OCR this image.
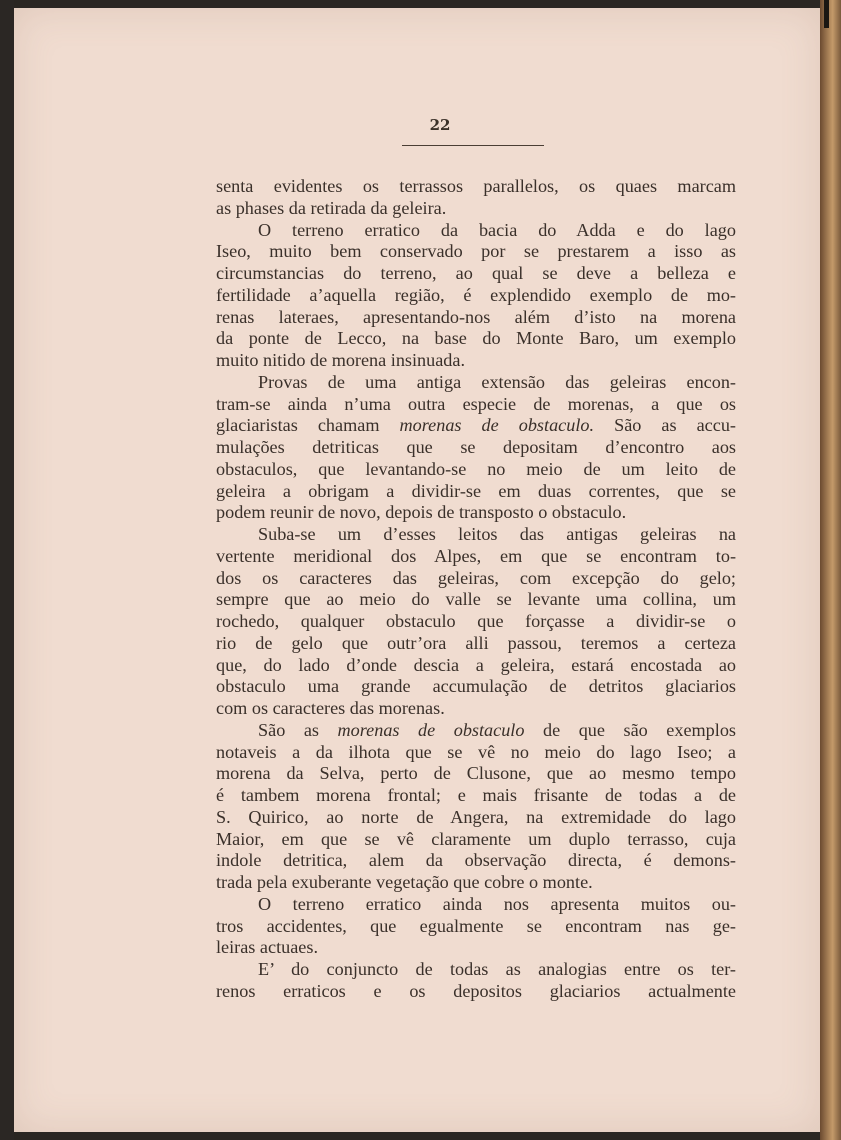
22
senta evidentes os terrassos parallelos, os quaes marcam
as phases da retirada da geleira.
O terreno erratico da bacia do Adda e do lago
Iseo, muito bem conservado por se prestarem a isso as
circumstancias do terreno, ao qual se deve a belleza e
fertilidade a’aquella região, é explendido exemplo de mo-
renas lateraes, apresentando-nos além d’isto na morena
da ponte de Lecco, na base do Monte Baro, um exemplo
muito nitido de morena insinuada.
Provas de uma antiga extensão das geleiras encon-
tram-se ainda n’uma outra especie de morenas, a que os
glaciaristas chamam morenas de obstaculo. São as accu-
mulações detriticas que se depositam d’encontro aos
obstaculos, que levantando-se no meio de um leito de
geleira a obrigam a dividir-se em duas correntes, que se
podem reunir de novo, depois de transposto o obstaculo.
Suba-se um d’esses leitos das antigas geleiras na
vertente meridional dos Alpes, em que se encontram to-
dos os caracteres das geleiras, com excepção do gelo;
sempre que ao meio do valle se levante uma collina, um
rochedo, qualquer obstaculo que forçasse a dividir-se o
rio de gelo que outr’ora alli passou, teremos a certeza
que, do lado d’onde descia a geleira, estará encostada ao
obstaculo uma grande accumulação de detritos glaciarios
com os caracteres das morenas.
São as morenas de obstaculo de que são exemplos
notaveis a da ilhota que se vê no meio do lago Iseo; a
morena da Selva, perto de Clusone, que ao mesmo tempo
é tambem morena frontal; e mais frisante de todas a de
S. Quirico, ao norte de Angera, na extremidade do lago
Maior, em que se vê claramente um duplo terrasso, cuja
indole detritica, alem da observação directa, é demons-
trada pela exuberante vegetação que cobre o monte.
O terreno erratico ainda nos apresenta muitos ou-
tros accidentes, que egualmente se encontram nas ge-
leiras actuaes.
E’ do conjuncto de todas as analogias entre os ter-
renos erraticos e os depositos glaciarios actualmente
